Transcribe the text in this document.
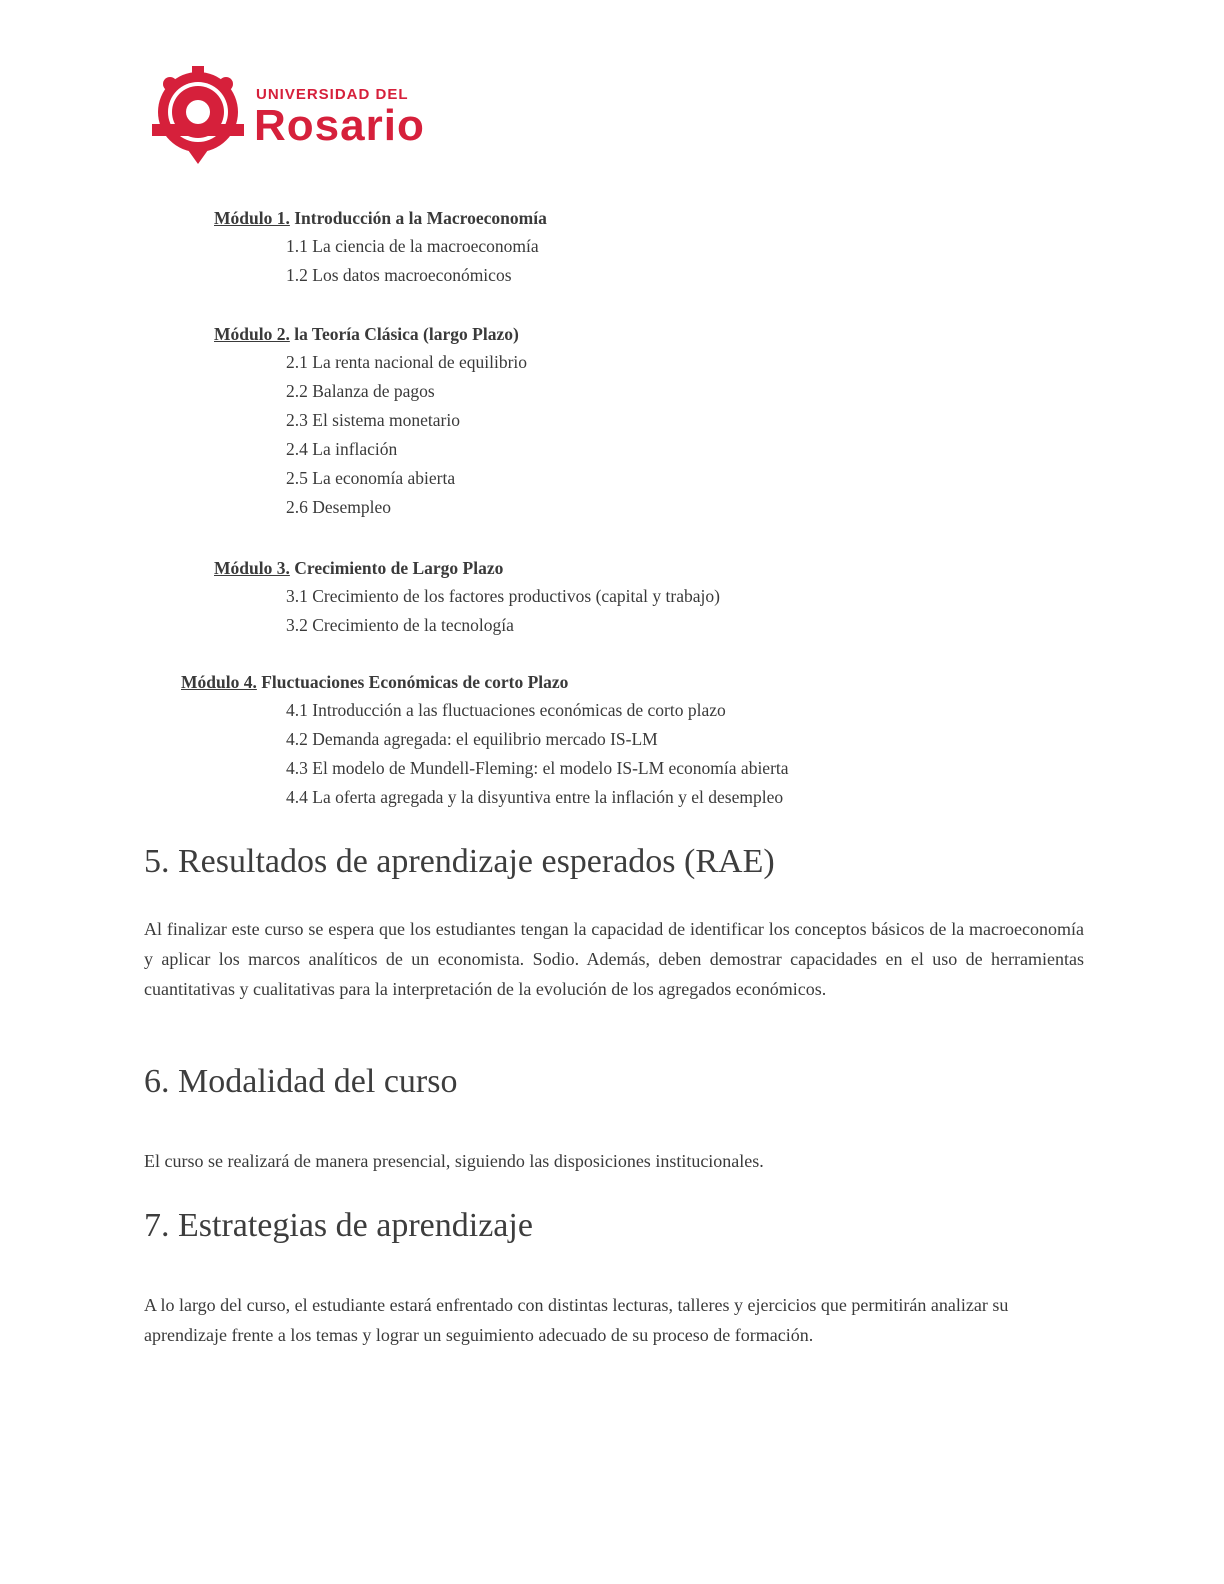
UNIVERSIDAD DEL
Rosario
Módulo 1. Introducción a la Macroeconomía
1.1 La ciencia de la macroeconomía
1.2 Los datos macroeconómicos
Módulo 2. la Teoría Clásica (largo Plazo)
2.1 La renta nacional de equilibrio
2.2 Balanza de pagos
2.3 El sistema monetario
2.4 La inflación
2.5 La economía abierta
2.6 Desempleo
Módulo 3. Crecimiento de Largo Plazo
3.1 Crecimiento de los factores productivos (capital y trabajo)
3.2 Crecimiento de la tecnología
Módulo 4. Fluctuaciones Económicas de corto Plazo
4.1 Introducción a las fluctuaciones económicas de corto plazo
4.2 Demanda agregada: el equilibrio mercado IS-LM
4.3 El modelo de Mundell-Fleming: el modelo IS-LM economía abierta
4.4 La oferta agregada y la disyuntiva entre la inflación y el desempleo
5. Resultados de aprendizaje esperados (RAE)
Al finalizar este curso se espera que los estudiantes tengan la capacidad de identificar los conceptos básicos de la macroeconomía y aplicar los marcos analíticos de un economista. Sodio. Además, deben demostrar capacidades en el uso de herramientas cuantitativas y cualitativas para la interpretación de la evolución de los agregados económicos.
6. Modalidad del curso
El curso se realizará de manera presencial, siguiendo las disposiciones institucionales.
7. Estrategias de aprendizaje
A lo largo del curso, el estudiante estará enfrentado con distintas lecturas, talleres y ejercicios que permitirán analizar su aprendizaje frente a los temas y lograr un seguimiento adecuado de su proceso de formación.
